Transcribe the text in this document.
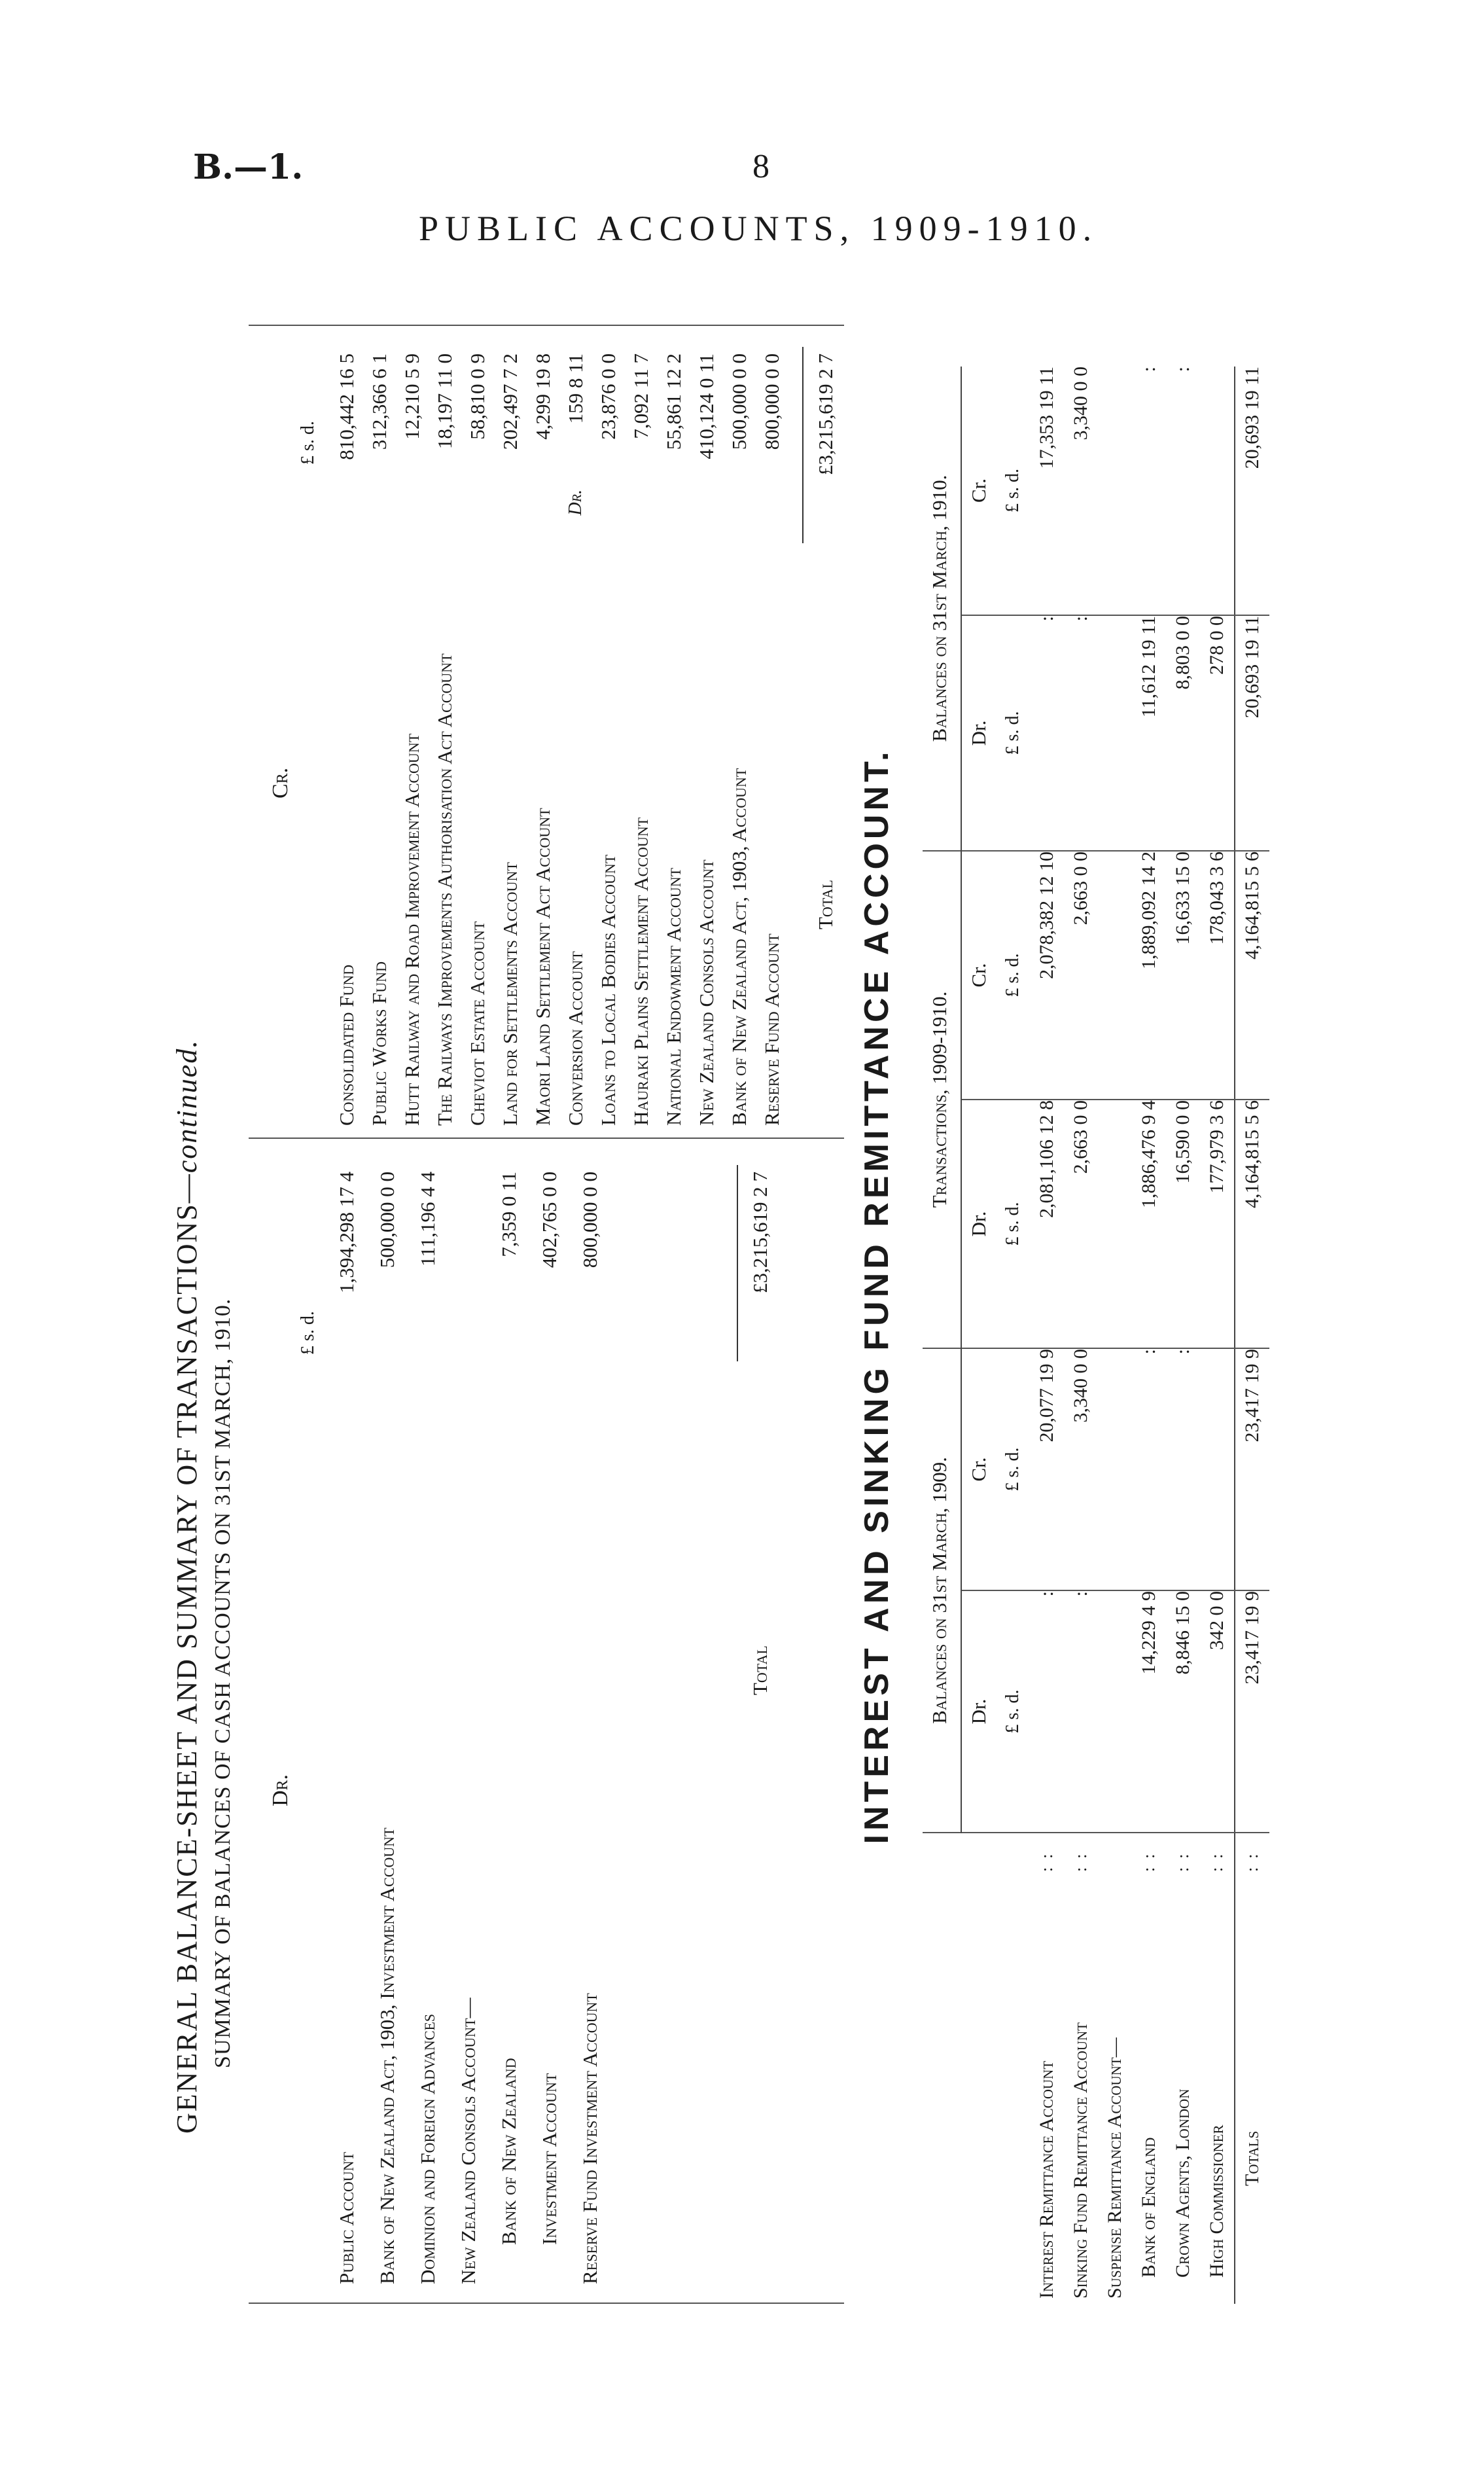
B.—1.	8
PUBLIC ACCOUNTS, 1909-1910.
GENERAL BALANCE-SHEET AND SUMMARY OF TRANSACTIONS—continued.
SUMMARY OF BALANCES OF CASH ACCOUNTS ON 31ST MARCH, 1910. Dr.
£ s. d.
Public Account
1,394,298 17 4
Bank of New Zealand Act, 1903, Investment Account
500,000 0 0
Dominion and Foreign Advances
111,196 4 4
New Zealand Consols Account— Bank of New Zealand
7,359 0 11
Investment Account
402,765 0 0
Reserve Fund Investment Account
800,000 0 0
Total
£3,215,619 2 7
Cr.
£ s. d.
Consolidated Fund
810,442 16 5
Public Works Fund
312,366 6 1
Hutt Railway and Road Improvement Account
12,210 5 9
The Railways Improvements Authorisation Act Account
18,197 11 0
Cheviot Estate Account
58,810 0 9
Land for Settlements Account
202,497 7 2
Maori Land Settlement Act Account
4,299 19 8
Conversion Account
Dr.
159 8 11
Loans to Local Bodies Account
23,876 0 0
Hauraki Plains Settlement Account
7,092 11 7
National Endowment Account
55,861 12 2
New Zealand Consols Account
410,124 0 11
Bank of New Zealand Act, 1903, Account
500,000 0 0
Reserve Fund Account
800,000 0 0
Total
£3,215,619 2 7
INTEREST AND SINKING FUND REMITTANCE ACCOUNT.
		Balances on 31st March, 1909.		Transactions, 1909-1910.		Balances on 31st March, 1910.	
		Dr.	Cr.	Dr.	Cr.	Dr.	Cr.
		£ s. d.	£ s. d.	£ s. d.	£ s. d.	£ s. d.	£ s. d.
Interest Remittance Account	:  :	:	20,077 19 9	2,081,106 12 8	2,078,382 12 10	:	17,353 19 11
Sinking Fund Remittance Account	:  :	:	3,340 0 0	2,663 0 0	2,663 0 0	:	3,340 0 0
Suspense Remittance Account—							
Bank of England	:  :	14,229 4 9	:	1,886,476 9 4	1,889,092 14 2	11,612 19 11	:
Crown Agents, London	:  :	8,846 15 0	:	16,590 0 0	16,633 15 0	8,803 0 0	:
High Commissioner	:  :	342 0 0		177,979 3 6	178,043 3 6	278 0 0	
Totals	:  :	23,417 19 9	23,417 19 9	4,164,815 5 6	4,164,815 5 6	20,693 19 11	20,693 19 11
